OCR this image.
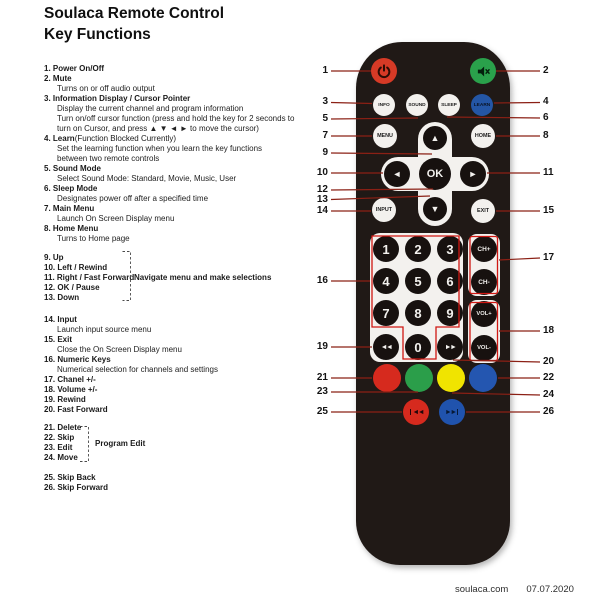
Soulaca Remote Control
Key Functions
1. Power On/Off
2. Mute
Turns on or off audio output
3. Information Display / Cursor Pointer
Display the current channel and program information
Turn on/off cursor function (press and hold the key for 2 seconds to
turn on Cursor, and press ▲ ▼ ◄ ► to move the cursor)
4. Learn(Function Blocked Currently)
Set the learning function when you learn the key functions
between two remote controls
5. Sound Mode
Select Sound Mode: Standard, Movie, Music, User
6. Sleep Mode
Designates power off after a specified time
7. Main Menu
Launch On Screen Display menu
8. Home Menu
Turns to Home page
9. Up
10. Left / Rewind
11. Right / Fast Forward
12. OK / Pause
13. Down
14. Input
Launch input source menu
15. Exit
Close the On Screen Display menu
16. Numeric Keys
Numerical selection for channels and settings
17. Chanel +/-
18. Volume +/-
19. Rewind
20. Fast Forward
21. Delete
22. Skip
23. Edit
24. Move
25. Skip Back
26. Skip Forward
INFO	SOUND	SLEEP	LEARN
MENU	HOME
▲
◄	OK	►
▼
INPUT	EXIT
1	2	3
4	5	6
7	8	9
◄◄	0	►►
CH+
CH-
VOL+
VOL-
◄◄	►►
1	2
3	4
5	6
7	8
9
10	11
12
13
14	15
16
17
18
19
20
21	22
23	24
25	26
soulaca.com 07.07.2020
Navigate menu and make selections
Program Edit
